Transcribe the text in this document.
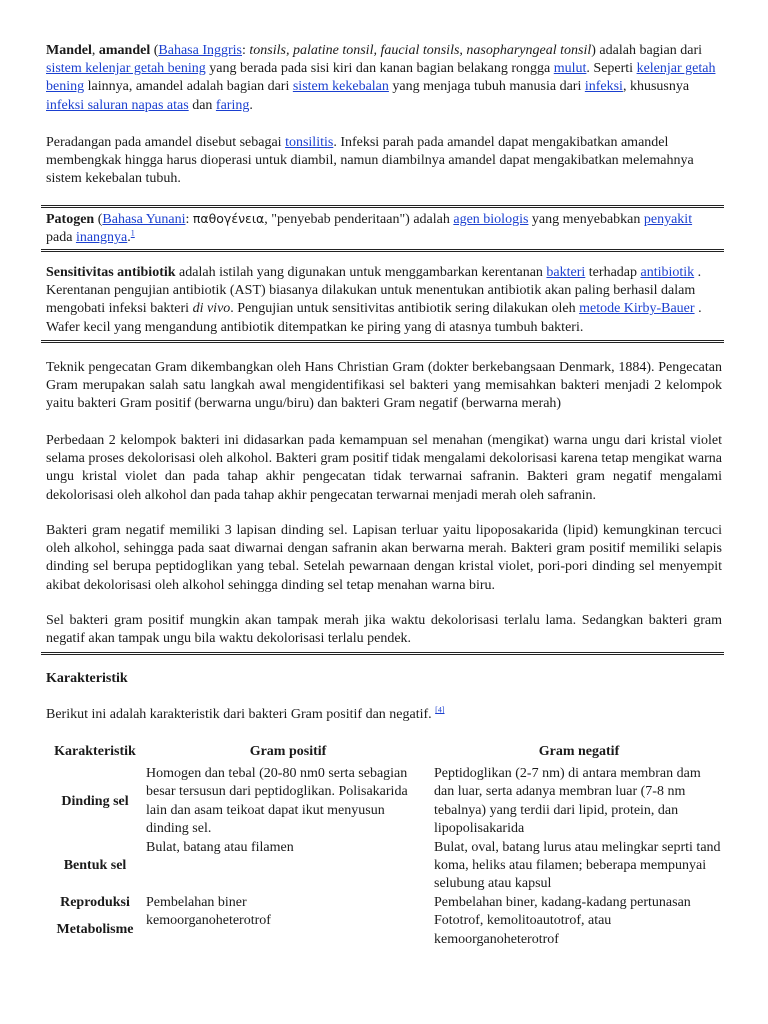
Mandel, amandel (Bahasa Inggris: tonsils, palatine tonsil, faucial tonsils, nasopharyngeal tonsil) adalah bagian dari sistem kelenjar getah bening yang berada pada sisi kiri dan kanan bagian belakang rongga mulut. Seperti kelenjar getah bening lainnya, amandel adalah bagian dari sistem kekebalan yang menjaga tubuh manusia dari infeksi, khususnya infeksi saluran napas atas dan faring.

Peradangan pada amandel disebut sebagai tonsilitis. Infeksi parah pada amandel dapat mengakibatkan amandel membengkak hingga harus dioperasi untuk diambil, namun diambilnya amandel dapat mengakibatkan melemahnya sistem kekebalan tubuh.

Patogen (Bahasa Yunani: παθογένεια, "penyebab penderitaan") adalah agen biologis yang menyebabkan penyakit pada inangnya.$^1$

Sensitivitas antibiotik adalah istilah yang digunakan untuk menggambarkan kerentanan bakteri terhadap antibiotik . Kerentanan pengujian antibiotik (AST) biasanya dilakukan untuk menentukan antibiotik akan paling berhasil dalam mengobati infeksi bakteri di vivo. Pengujian untuk sensitivitas antibiotik sering dilakukan oleh metode Kirby-Bauer . Wafer kecil yang mengandung antibiotik ditempatkan ke piring yang di atasnya tumbuh bakteri.

Teknik pengecatan Gram dikembangkan oleh Hans Christian Gram (dokter berkebangsaan Denmark, 1884). Pengecatan Gram merupakan salah satu langkah awal mengidentifikasi sel bakteri yang memisahkan bakteri menjadi 2 kelompok yaitu bakteri Gram positif (berwarna ungu/biru) dan bakteri Gram negatif (berwarna merah)

Perbedaan 2 kelompok bakteri ini didasarkan pada kemampuan sel menahan (mengikat) warna ungu dari kristal violet selama proses dekolorisasi oleh alkohol. Bakteri gram positif tidak mengalami dekolorisasi karena tetap mengikat warna ungu kristal violet dan pada tahap akhir pengecatan tidak terwarnai safranin. Bakteri gram negatif mengalami dekolorisasi oleh alkohol dan pada tahap akhir pengecatan terwarnai menjadi merah oleh safranin.

Bakteri gram negatif memiliki 3 lapisan dinding sel. Lapisan terluar yaitu lipoposakarida (lipid) kemungkinan tercuci oleh alkohol, sehingga pada saat diwarnai dengan safranin akan berwarna merah. Bakteri gram positif memiliki selapis dinding sel berupa peptidoglikan yang tebal. Setelah pewarnaan dengan kristal violet, pori-pori dinding sel menyempit akibat dekolorisasi oleh alkohol sehingga dinding sel tetap menahan warna biru.

Sel bakteri gram positif mungkin akan tampak merah jika waktu dekolorisasi terlalu lama. Sedangkan bakteri gram negatif akan tampak ungu bila waktu dekolorisasi terlalu pendek.

Karakteristik

Berikut ini adalah karakteristik dari bakteri Gram positif dan negatif. [4]

Karakteristik	Gram positif	Gram negatif
Dinding sel	Homogen dan tebal (20-80 nm0 serta sebagian besar tersusun dari peptidoglikan. Polisakarida lain dan asam teikoat dapat ikut menyusun dinding sel.	Peptidoglikan (2-7 nm) di antara membran dam dan luar, serta adanya membran luar (7-8 nm tebalnya) yang terdii dari lipid, protein, dan lipopolisakarida
Bentuk sel	Bulat, batang atau filamen	Bulat, oval, batang lurus atau melingkar seprti tand koma, heliks atau filamen; beberapa mempunyai selubung atau kapsul
Reproduksi	Pembelahan biner	Pembelahan biner, kadang-kadang pertunasan
Metabolisme	kemoorganoheterotrof	Fototrof, kemolitoautotrof, atau kemoorganoheterotrof
